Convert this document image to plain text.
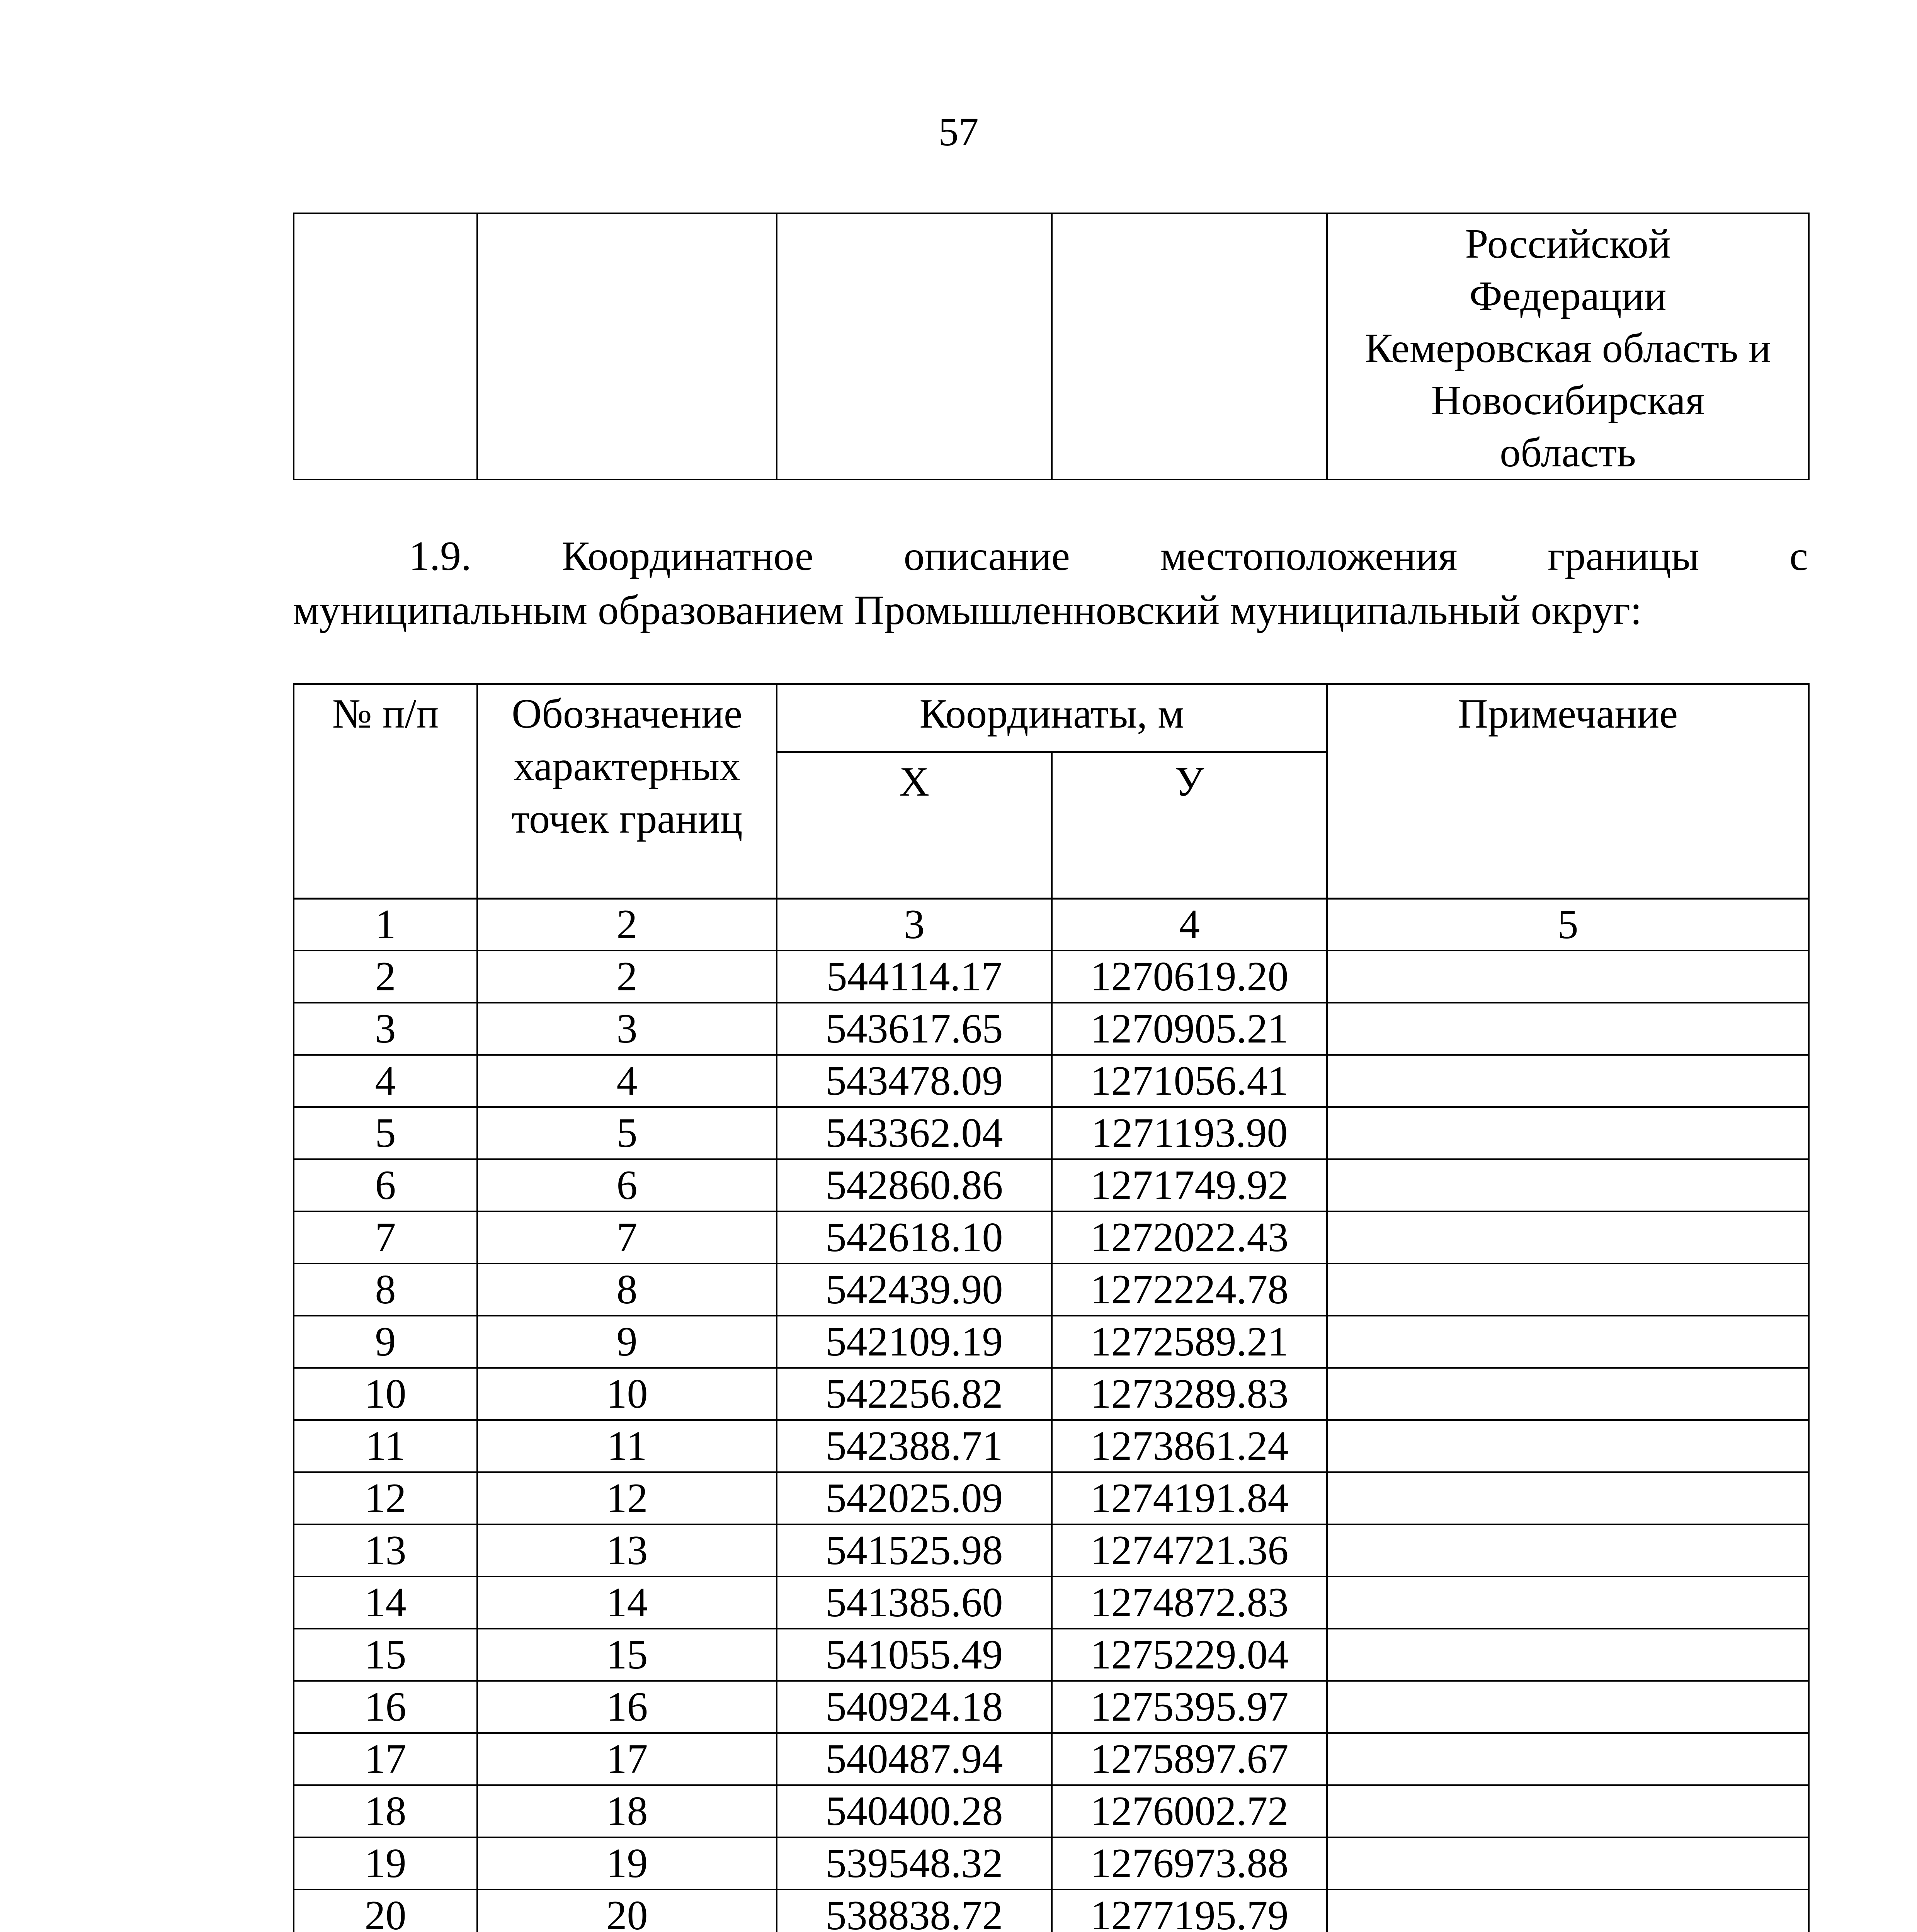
57

Российской
Федерации
Кемеровская область и
Новосибирская
область
1.9. Координатное описание местоположения границы с
муниципальным образованием Промышленновский муниципальный округ:
№ п/п	Обозначение
характерных
точек границ	Координаты, м		Примечание
		Х	У	
1	2	3	4	5
2	2	544114.17	1270619.20	
3	3	543617.65	1270905.21	
4	4	543478.09	1271056.41	
5	5	543362.04	1271193.90	
6	6	542860.86	1271749.92	
7	7	542618.10	1272022.43	
8	8	542439.90	1272224.78	
9	9	542109.19	1272589.21	
10	10	542256.82	1273289.83	
11	11	542388.71	1273861.24	
12	12	542025.09	1274191.84	
13	13	541525.98	1274721.36	
14	14	541385.60	1274872.83	
15	15	541055.49	1275229.04	
16	16	540924.18	1275395.97	
17	17	540487.94	1275897.67	
18	18	540400.28	1276002.72	
19	19	539548.32	1276973.88	
20	20	538838.72	1277195.79	
